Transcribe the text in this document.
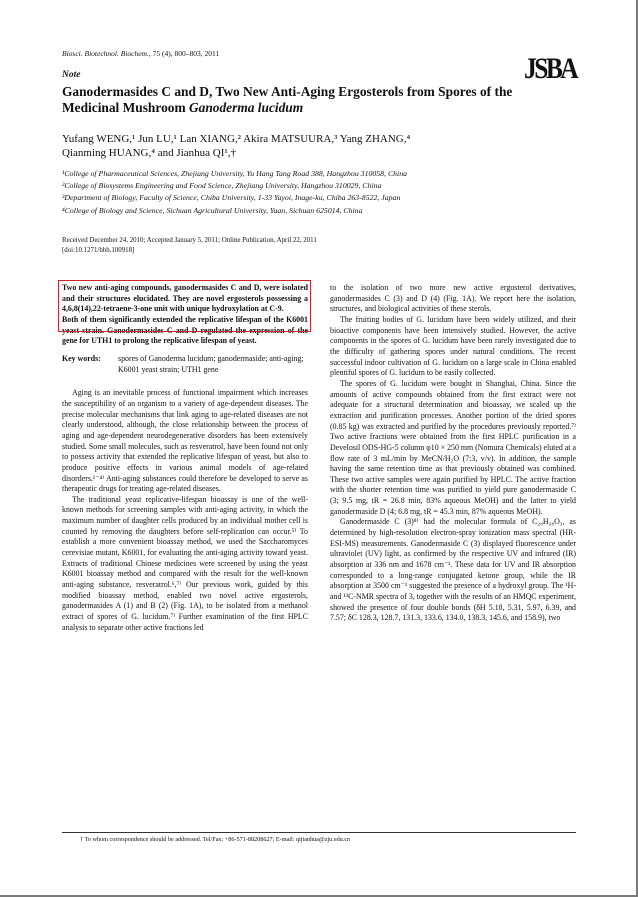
Biosci. Biotechnol. Biochem., 75 (4), 800–803, 2011	JSBA
Note
Ganodermasides C and D, Two New Anti-Aging Ergosterols from Spores of the Medicinal Mushroom Ganoderma lucidum
Yufang WENG,¹ Jun LU,¹ Lan XIANG,² Akira MATSUURA,³ Yang ZHANG,⁴
Qianming HUANG,⁴ and Jianhua QI¹,†
¹College of Pharmaceutical Sciences, Zhejiang University, Yu Hang Tang Road 388, Hangzhou 310058, China
²College of Biosystems Engineering and Food Science, Zhejiang University, Hangzhou 310029, China
³Department of Biology, Faculty of Science, Chiba University, 1-33 Yayoi, Inage-ku, Chiba 263-8522, Japan
⁴College of Biology and Science, Sichuan Agricultural University, Yaan, Sichuan 625014, China
Received December 24, 2010; Accepted January 5, 2011; Online Publication, April 22, 2011
[doi:10.1271/bbb.100918]

Two new anti-aging compounds, ganodermasides C and D, were isolated and their structures elucidated. They are novel ergosterols possessing a 4,6,8(14),22-tetraene-3-one unit with unique hydroxylation at C-9.

Both of them significantly extended the replicative lifespan of the K6001 yeast strain. Ganodermasides C and D regulated the expression of the gene for UTH1 to prolong the replicative lifespan of yeast.

Key words:	spores of Ganoderma lucidum; ganodermaside; anti-aging; K6001 yeast strain; UTH1 gene

Aging is an inevitable process of functional impairment which increases the susceptibility of an organism to a variety of age-dependent diseases. The precise molecular mechanisms that link aging to age-related diseases are not clearly understood, although, the close relationship between the process of aging and age-dependent neurodegenerative disorders has been extensively studied. Some small molecules, such as resveratrol, have been found not only to possess activity that extended the replicative lifespan of yeast, but also to produce positive effects in various animal models of age-related disorders.¹⁻⁴⁾ Anti-aging substances could therefore be developed to serve as therapeutic drugs for treating age-related diseases.

The traditional yeast replicative-lifespan bioassay is one of the well-known methods for screening samples with anti-aging activity, in which the maximum number of daughter cells produced by an individual mother cell is counted by removing the daughters before self-replication can occur.⁵⁾ To establish a more convenient bioassay method, we used the Saccharomyces cerevisiae mutant, K6001, for evaluating the anti-aging activity toward yeast. Extracts of traditional Chinese medicines were screened by using the yeast K6001 bioassay method and compared with the result for the well-known anti-aging substance, resveratrol.⁶,⁷⁾ Our previous work, guided by this modified bioassay method, enabled two novel active ergosterols, ganodermasides A (1) and B (2) (Fig. 1A), to be isolated from a methanol extract of spores of G. lucidum.⁷⁾ Further examination of the first HPLC analysis to separate other active fractions led

to the isolation of two more new active ergosterol derivatives, ganodermasides C (3) and D (4) (Fig. 1A). We report here the isolation, structures, and biological activities of these sterols.

The fruiting bodies of G. lucidum have been widely utilized, and their bioactive components have been intensively studied. However, the active components in the spores of G. lucidum have been rarely investigated due to the difficulty of gathering spores under natural conditions. The recent successful indoor cultivation of G. lucidum on a large scale in China enabled plentiful spores of G. lucidum to be easily collected.

The spores of G. lucidum were bought in Shanghai, China. Since the amounts of active compounds obtained from the first extract were not adequate for a structural determination and bioassay, we scaled up the extraction and purification processes. Another portion of the dried spores (0.85 kg) was extracted and purified by the procedures previously reported.⁷⁾ Two active fractions were obtained from the first HPLC purification in a Develosil ODS-HG-5 column φ10 × 250 mm (Nomura Chemicals) eluted at a flow rate of 3 mL/min by MeCN/H₂O (7:3, v/v). In addition, the sample having the same retention time as that previously obtained was combined. These two active samples were again purified by HPLC. The active fraction with the shorter retention time was purified to yield pure ganodermaside C (3; 9.5 mg, tR = 26.8 min, 83% aqueous MeOH) and the latter to yield ganodermaside D (4; 6.8 mg, tR = 45.3 min, 87% aqueous MeOH).

Ganodermaside C (3)⁸⁾ had the molecular formula of C₂₈H₃₈O₃, as determined by high-resolution electron-spray ionization mass spectral (HR-ESI-MS) measurements. Ganodermaside C (3) displayed fluorescence under ultraviolet (UV) light, as confirmed by the respective UV and infrared (IR) absorption at 336 nm and 1678 cm⁻¹. These data for UV and IR absorption corresponded to a long-range conjugated ketone group, while the IR absorption at 3500 cm⁻¹ suggested the presence of a hydroxyl group. The ¹H- and ¹³C-NMR spectra of 3, together with the results of an HMQC experiment, showed the presence of four double bonds (δH 5.18, 5.31, 5.97, 6.39, and 7.57; δC 128.3, 128.7, 131.3, 133.6, 134.0, 138.3, 145.6, and 158.9), two

† To whom correspondence should be addressed. Tel/Fax: +86-571-88208627; E-mail: qijianhua@zju.edu.cn
